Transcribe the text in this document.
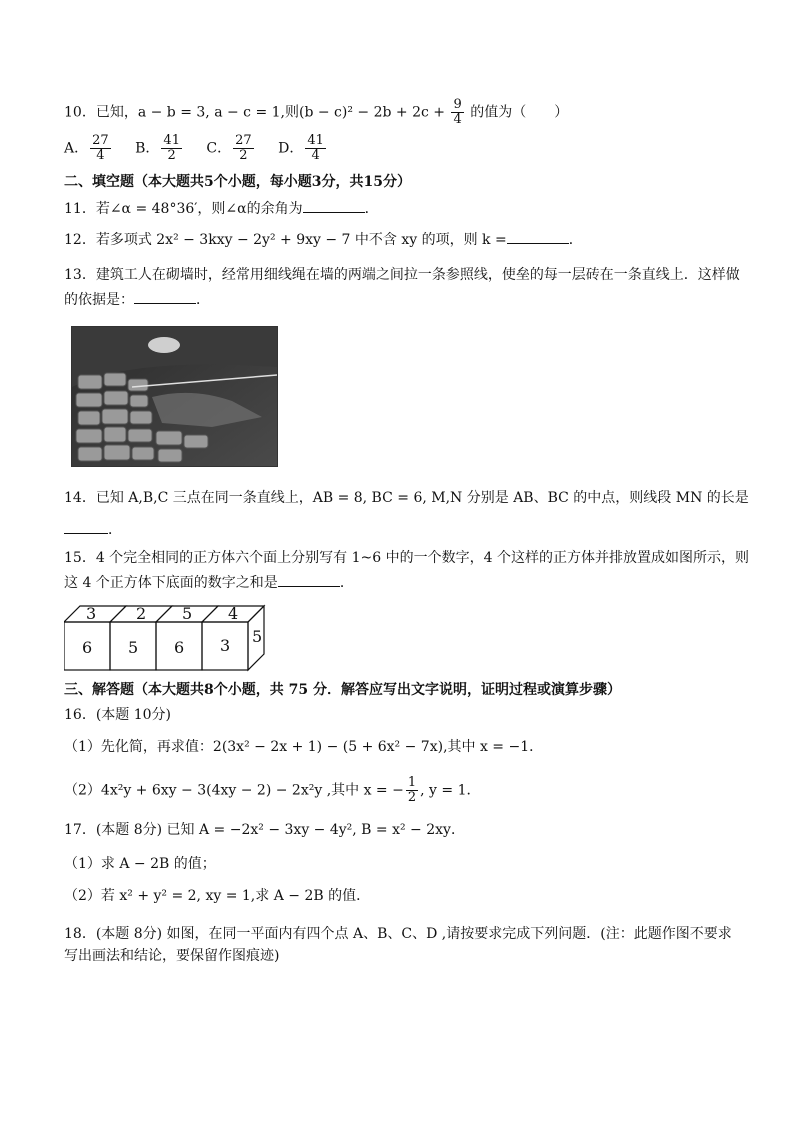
10．已知，a − b = 3, a − c = 1,则$(b - c)^2 - 2b + 2c + \frac{9}{4}$ 的值为（　　）
A． $\frac{27}{4}$ B． $\frac{41}{2}$ C． $\frac{27}{2}$ D． $\frac{41}{4}$
二、填空题（本大题共5个小题，每小题3分，共15分）
11．若∠α = 48°36′，则∠α的余角为	．
12．若多项式 2x² − 3kxy − 2y² + 9xy − 7 中不含 xy 的项，则 k =	．
13．建筑工人在砌墙时，经常用细线绳在墙的两端之间拉一条参照线，使垒的每一层砖在一条直线上．这样做
的依据是：	．
14．已知 A,B,C 三点在同一条直线上，AB = 8, BC = 6, M,N 分别是 AB、BC 的中点，则线段 MN 的长是
．
15．4 个完全相同的正方体六个面上分别写有 1~6 中的一个数字，4 个这样的正方体并排放置成如图所示，则
这 4 个正方体下底面的数字之和是	．
3 2 5 4
6 5 6 3 5
三、解答题（本大题共8个小题，共 75 分．解答应写出文字说明，证明过程或演算步骤）
16．(本题 10分)
（1）先化简，再求值：2(3x² − 2x + 1) − (5 + 6x² − 7x),其中 x = −1．
（2）4x²y + 6xy − 3(4xy − 2) − 2x²y ,其中 x = − $\frac{1}{2}$ , y = 1．
17．(本题 8分) 已知 A = −2x² − 3xy − 4y², B = x² − 2xy．
（1）求 A − 2B 的值；
（2）若 x² + y² = 2, xy = 1,求 A − 2B 的值．
18．(本题 8分) 如图，在同一平面内有四个点 A、B、C、D ,请按要求完成下列问题．(注：此题作图不要求
写出画法和结论，要保留作图痕迹)
